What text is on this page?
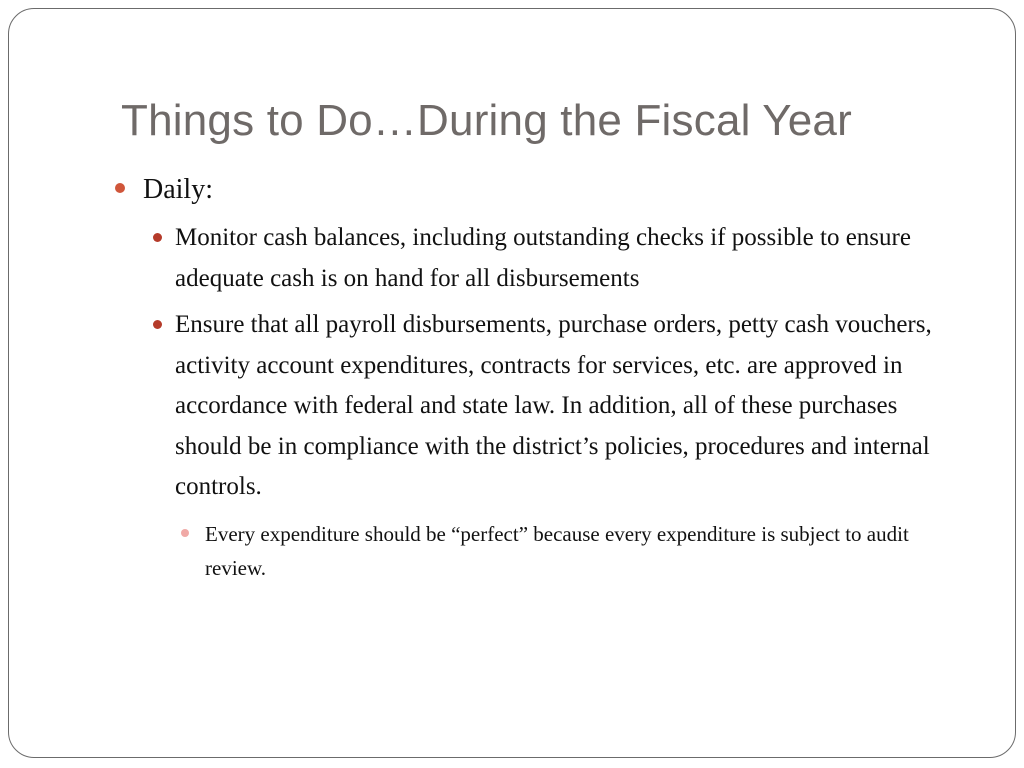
Things to Do…During the Fiscal Year
Daily:
Monitor cash balances, including outstanding checks if possible to ensure adequate cash is on hand for all disbursements
Ensure that all payroll disbursements, purchase orders, petty cash vouchers, activity account expenditures, contracts for services, etc. are approved in accordance with federal and state law. In addition, all of these purchases should be in compliance with the district’s policies, procedures and internal controls.
Every expenditure should be “perfect” because every expenditure is subject to audit review.
